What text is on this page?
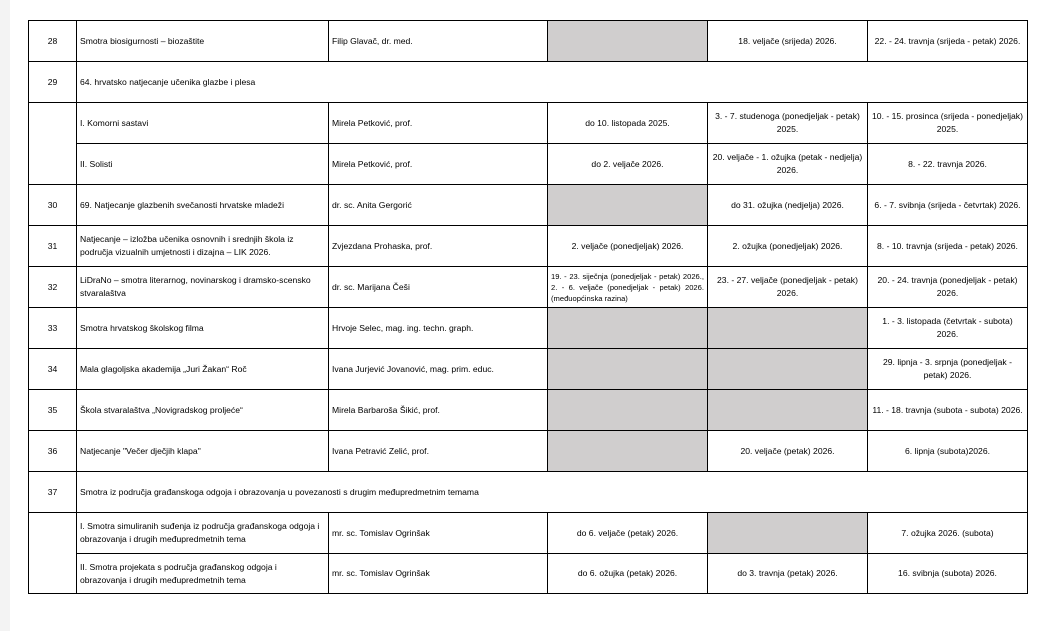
28	Smotra biosigurnosti – biozaštite	Filip Glavač, dr. med.		18. veljače (srijeda) 2026.	22. - 24. travnja (srijeda - petak) 2026.
29	64. hrvatsko natjecanje učenika glazbe i plesa				
	I. Komorni sastavi	Mirela Petković, prof.	do 10. listopada 2025.	3. - 7. studenoga (ponedjeljak - petak) 2025.	10. - 15. prosinca (srijeda - ponedjeljak) 2025.
	II. Solisti	Mirela Petković, prof.	do 2. veljače 2026.	20. veljače - 1. ožujka (petak - nedjelja) 2026.	8. - 22. travnja 2026.
30	69. Natjecanje glazbenih svečanosti hrvatske mladeži	dr. sc. Anita Gergorić		do 31. ožujka (nedjelja) 2026.	6. - 7. svibnja (srijeda - četvrtak) 2026.
31	Natjecanje – izložba učenika osnovnih i srednjih škola iz područja vizualnih umjetnosti i dizajna – LIK 2026.	Zvjezdana Prohaska, prof.	2. veljače (ponedjeljak) 2026.	2. ožujka (ponedjeljak) 2026.	8. - 10. travnja (srijeda - petak) 2026.
32	LiDraNo – smotra literarnog, novinarskog i dramsko-scensko stvaralaštva	dr. sc. Marijana Češi	19. - 23. siječnja (ponedjeljak - petak) 2026., 2. - 6. veljače (ponedjeljak - petak) 2026. (međuopćinska razina)	23. - 27. veljače (ponedjeljak - petak) 2026.	20. - 24. travnja (ponedjeljak - petak) 2026.
33	Smotra hrvatskog školskog filma	Hrvoje Selec, mag. ing. techn. graph.			1. - 3. listopada (četvrtak - subota) 2026.
34	Mala glagoljska akademija „Juri Žakan“ Roč	Ivana Jurjević Jovanović, mag. prim. educ.			29. lipnja - 3. srpnja (ponedjeljak - petak) 2026.
35	Škola stvaralaštva „Novigradskog proljeće“	Mirela Barbaroša Šikić, prof.			11. - 18. travnja (subota - subota) 2026.
36	Natjecanje "Večer dječjih klapa"	Ivana Petravić Zelić, prof.		20. veljače (petak) 2026.	6. lipnja (subota)2026.
37	Smotra iz područja građanskoga odgoja i obrazovanja u povezanosti s drugim međupredmetnim temama				
	I. Smotra simuliranih suđenja iz područja građanskoga odgoja i obrazovanja i drugih međupredmetnih tema	mr. sc. Tomislav Ogrinšak	do 6. veljače (petak) 2026.		7. ožujka 2026. (subota)
	II. Smotra projekata s područja građanskog odgoja i obrazovanja i drugih međupredmetnih tema	mr. sc. Tomislav Ogrinšak	do 6. ožujka (petak) 2026.	do 3. travnja (petak) 2026.	16. svibnja (subota) 2026.
